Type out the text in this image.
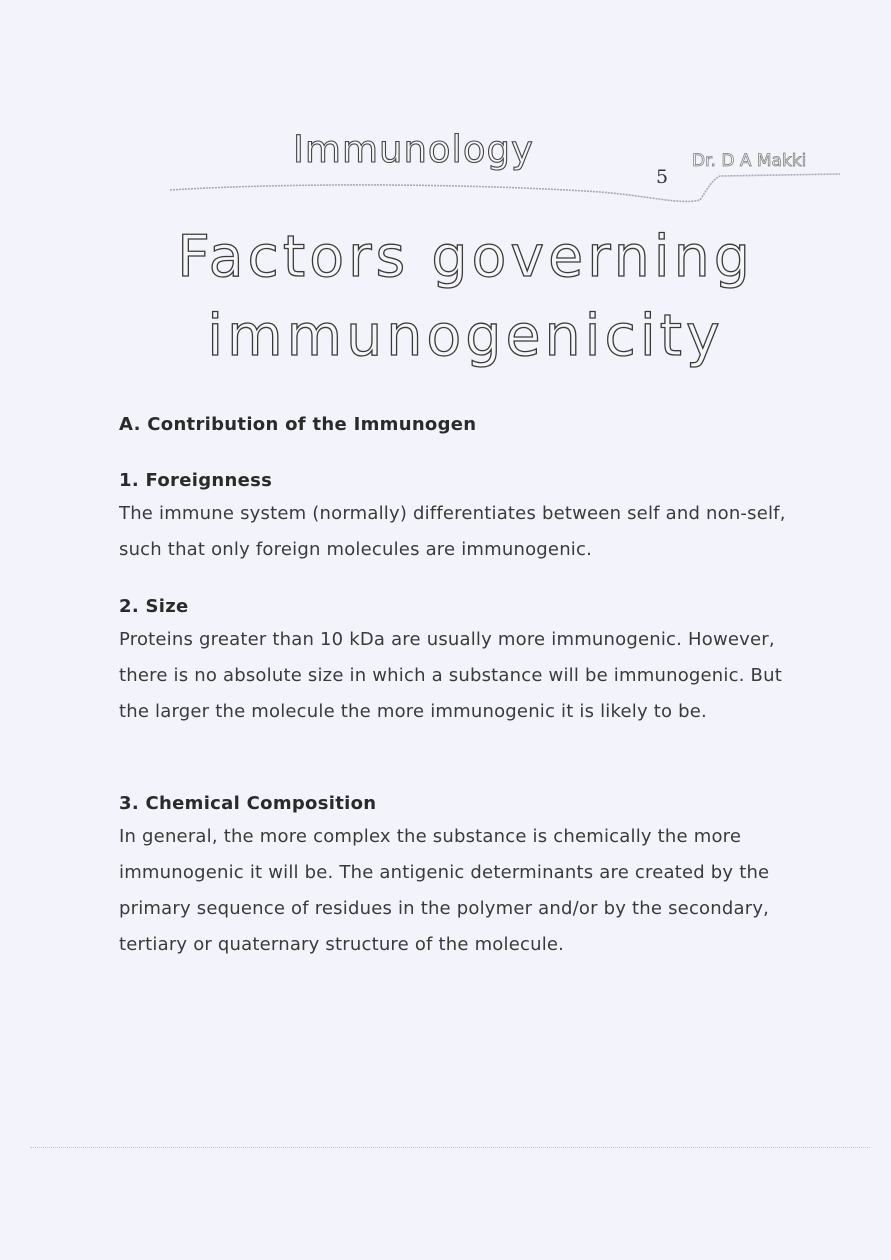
Immunology
5
Dr. D A Makki
Factors governing
immunogenicity
A. Contribution of the Immunogen
1. Foreignness
The immune system (normally) differentiates between self and non-self, such that only foreign molecules are immunogenic.
2. Size
Proteins greater than 10 kDa are usually more immunogenic. However, there is no absolute size in which a substance will be immunogenic. But the larger the molecule the more immunogenic it is likely to be.
3. Chemical Composition
In general, the more complex the substance is chemically the more immunogenic it will be. The antigenic determinants are created by the primary sequence of residues in the polymer and/or by the secondary, tertiary or quaternary structure of the molecule.
